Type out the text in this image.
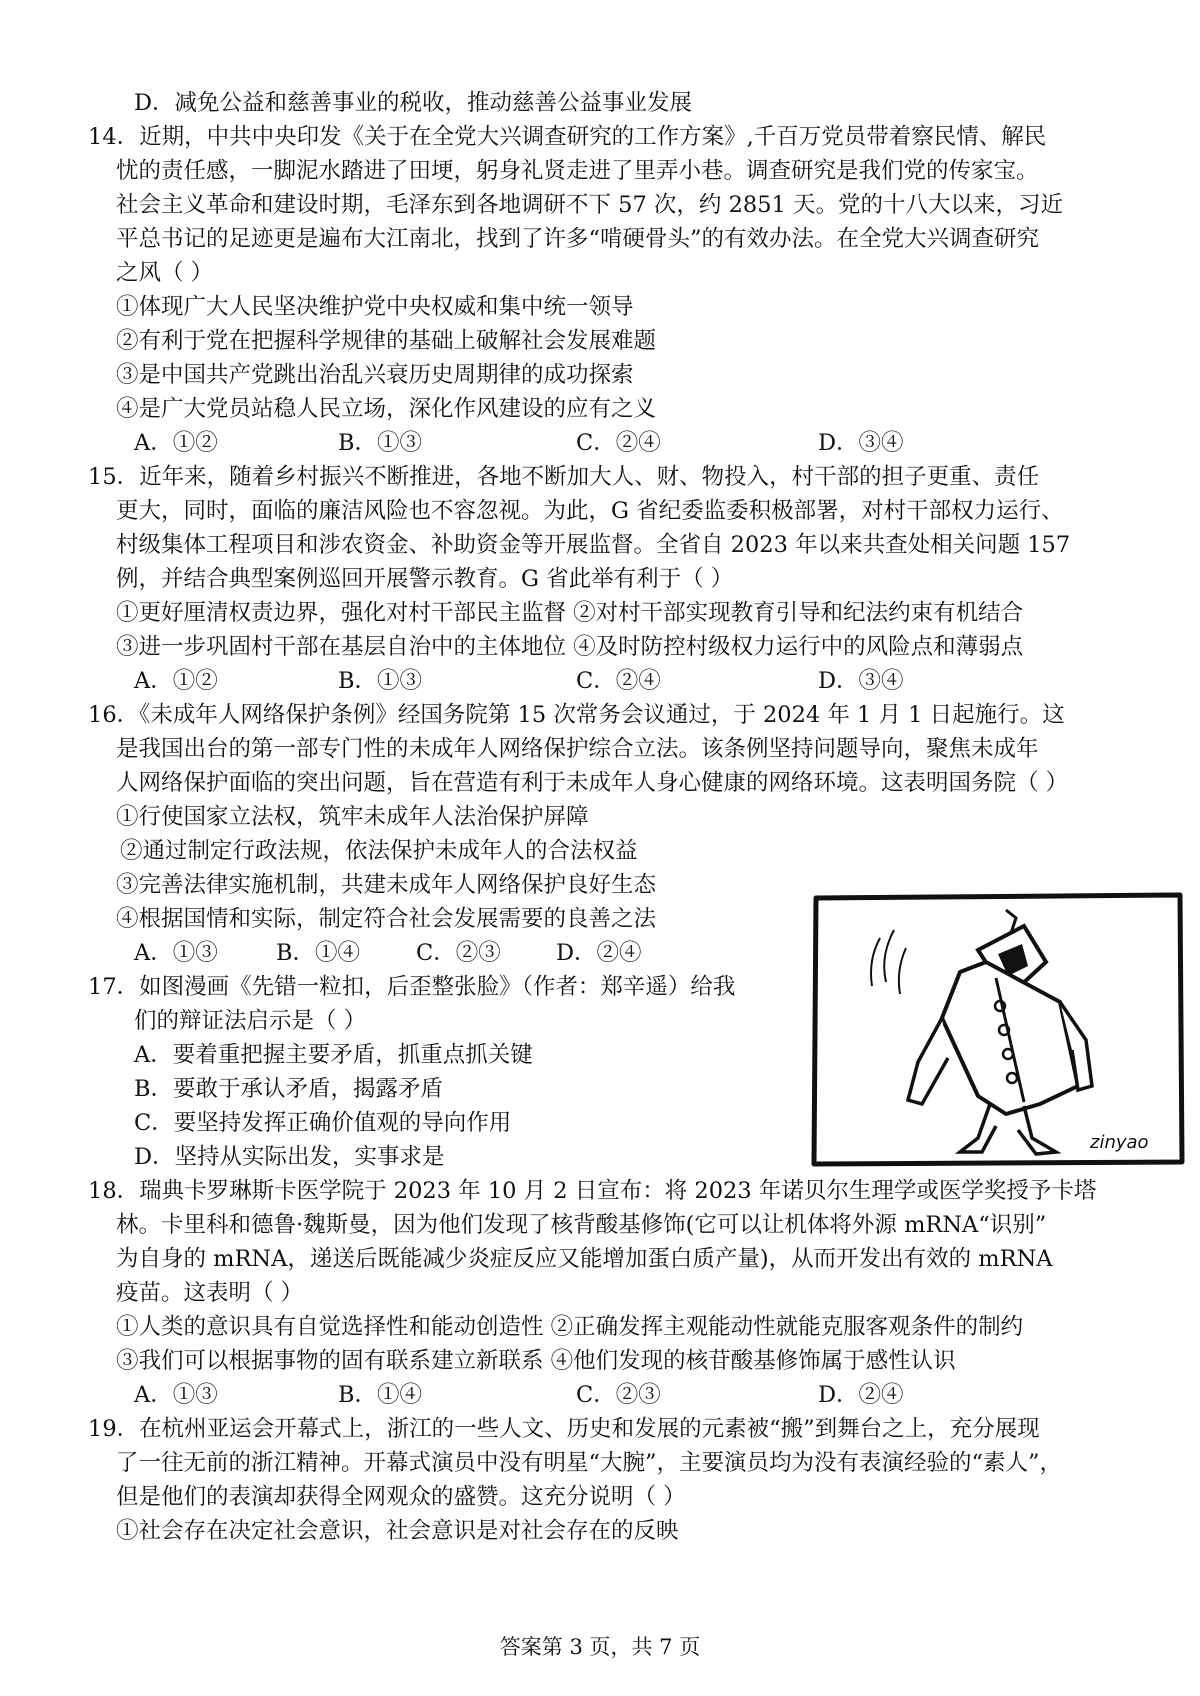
D．减免公益和慈善事业的税收，推动慈善公益事业发展
14．近期，中共中央印发《关于在全党大兴调查研究的工作方案》,千百万党员带着察民情、解民
忧的责任感，一脚泥水踏进了田埂，躬身礼贤走进了里弄小巷。调查研究是我们党的传家宝。
社会主义革命和建设时期，毛泽东到各地调研不下 57 次，约 2851 天。党的十八大以来，习近
平总书记的足迹更是遍布大江南北，找到了许多“啃硬骨头”的有效办法。在全党大兴调查研究
之风（ ）
①体现广大人民坚决维护党中央权威和集中统一领导
②有利于党在把握科学规律的基础上破解社会发展难题
③是中国共产党跳出治乱兴衰历史周期律的成功探索
④是广大党员站稳人民立场，深化作风建设的应有之义
A．①②	B．①③	C．②④	D．③④
15．近年来，随着乡村振兴不断推进，各地不断加大人、财、物投入，村干部的担子更重、责任
更大，同时，面临的廉洁风险也不容忽视。为此，G 省纪委监委积极部署，对村干部权力运行、
村级集体工程项目和涉农资金、补助资金等开展监督。全省自 2023 年以来共查处相关问题 157
例，并结合典型案例巡回开展警示教育。G 省此举有利于（ ）
①更好厘清权责边界，强化对村干部民主监督 ②对村干部实现教育引导和纪法约束有机结合
③进一步巩固村干部在基层自治中的主体地位 ④及时防控村级权力运行中的风险点和薄弱点
A．①②	B．①③	C．②④	D．③④
16．《未成年人网络保护条例》经国务院第 15 次常务会议通过，于 2024 年 1 月 1 日起施行。这
是我国出台的第一部专门性的未成年人网络保护综合立法。该条例坚持问题导向，聚焦未成年
人网络保护面临的突出问题，旨在营造有利于未成年人身心健康的网络环境。这表明国务院（ ）
①行使国家立法权，筑牢未成年人法治保护屏障
②通过制定行政法规，依法保护未成年人的合法权益
③完善法律实施机制，共建未成年人网络保护良好生态
④根据国情和实际，制定符合社会发展需要的良善之法
A．①③	B．①④ C．②③ D．②④
17．如图漫画《先错一粒扣，后歪整张脸》（作者：郑辛遥）给我
们的辩证法启示是（ ）
A．要着重把握主要矛盾，抓重点抓关键
B．要敢于承认矛盾，揭露矛盾
C．要坚持发挥正确价值观的导向作用
D．坚持从实际出发，实事求是
zinyao
18．瑞典卡罗琳斯卡医学院于 2023 年 10 月 2 日宣布：将 2023 年诺贝尔生理学或医学奖授予卡塔
林。卡里科和德鲁·魏斯曼，因为他们发现了核背酸基修饰(它可以让机体将外源 mRNA“识别”
为自身的 mRNA，递送后既能减少炎症反应又能增加蛋白质产量)，从而开发出有效的 mRNA
疫苗。这表明（ ）
①人类的意识具有自觉选择性和能动创造性 ②正确发挥主观能动性就能克服客观条件的制约
③我们可以根据事物的固有联系建立新联系 ④他们发现的核苷酸基修饰属于感性认识
A．①③	B．①④	C．②③	D．②④
19．在杭州亚运会开幕式上，浙江的一些人文、历史和发展的元素被“搬”到舞台之上，充分展现
了一往无前的浙江精神。开幕式演员中没有明星“大腕”，主要演员均为没有表演经验的“素人”，
但是他们的表演却获得全网观众的盛赞。这充分说明（ ）
①社会存在决定社会意识，社会意识是对社会存在的反映
答案第 3 页，共 7 页
